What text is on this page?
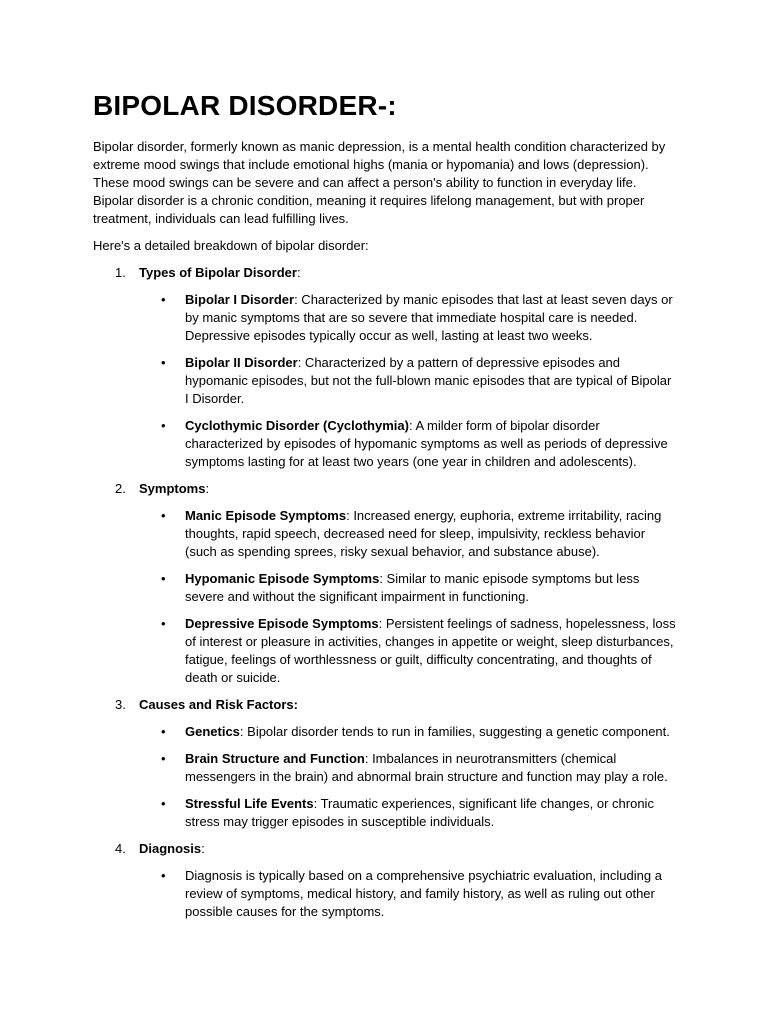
BIPOLAR DISORDER-:

Bipolar disorder, formerly known as manic depression, is a mental health condition characterized by extreme mood swings that include emotional highs (mania or hypomania) and lows (depression). These mood swings can be severe and can affect a person's ability to function in everyday life. Bipolar disorder is a chronic condition, meaning it requires lifelong management, but with proper treatment, individuals can lead fulfilling lives.

Here's a detailed breakdown of bipolar disorder:

1. Types of Bipolar Disorder:
• Bipolar I Disorder: Characterized by manic episodes that last at least seven days or by manic symptoms that are so severe that immediate hospital care is needed. Depressive episodes typically occur as well, lasting at least two weeks.
• Bipolar II Disorder: Characterized by a pattern of depressive episodes and hypomanic episodes, but not the full-blown manic episodes that are typical of Bipolar I Disorder.
• Cyclothymic Disorder (Cyclothymia): A milder form of bipolar disorder characterized by episodes of hypomanic symptoms as well as periods of depressive symptoms lasting for at least two years (one year in children and adolescents).
2. Symptoms:
• Manic Episode Symptoms: Increased energy, euphoria, extreme irritability, racing thoughts, rapid speech, decreased need for sleep, impulsivity, reckless behavior (such as spending sprees, risky sexual behavior, and substance abuse).
• Hypomanic Episode Symptoms: Similar to manic episode symptoms but less severe and without the significant impairment in functioning.
• Depressive Episode Symptoms: Persistent feelings of sadness, hopelessness, loss of interest or pleasure in activities, changes in appetite or weight, sleep disturbances, fatigue, feelings of worthlessness or guilt, difficulty concentrating, and thoughts of death or suicide.
3. Causes and Risk Factors:
• Genetics: Bipolar disorder tends to run in families, suggesting a genetic component.
• Brain Structure and Function: Imbalances in neurotransmitters (chemical messengers in the brain) and abnormal brain structure and function may play a role.
• Stressful Life Events: Traumatic experiences, significant life changes, or chronic stress may trigger episodes in susceptible individuals.
4. Diagnosis:
• Diagnosis is typically based on a comprehensive psychiatric evaluation, including a review of symptoms, medical history, and family history, as well as ruling out other possible causes for the symptoms.
